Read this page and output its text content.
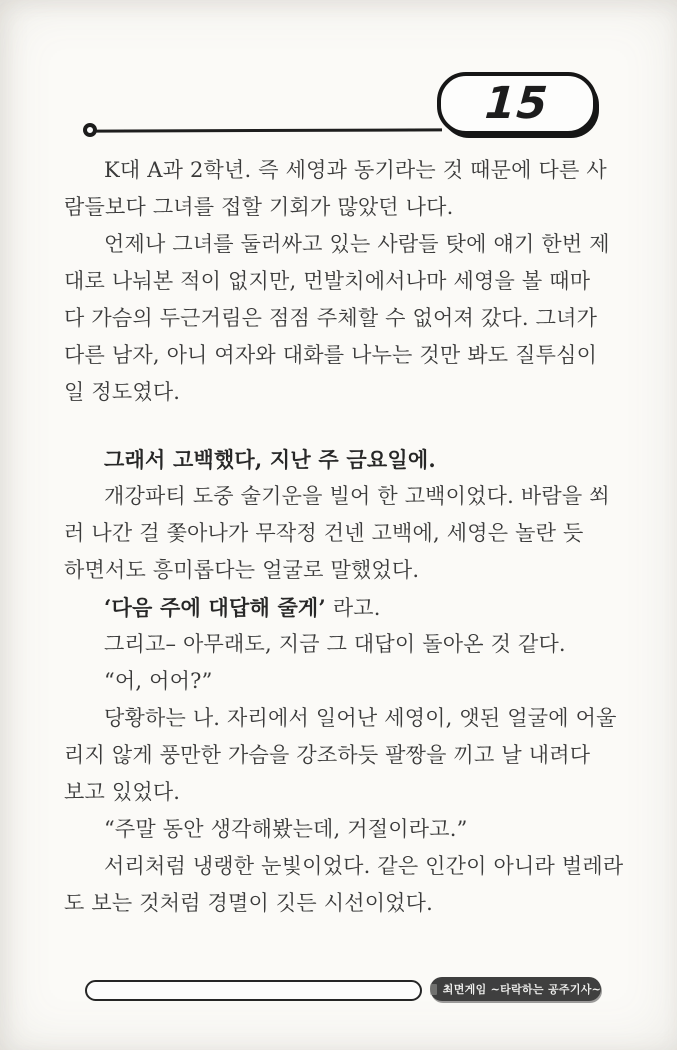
15
K대 A과 2학년. 즉 세영과 동기라는 것 때문에 다른 사
람들보다 그녀를 접할 기회가 많았던 나다.
언제나 그녀를 둘러싸고 있는 사람들 탓에 얘기 한번 제
대로 나눠본 적이 없지만, 먼발치에서나마 세영을 볼 때마
다 가슴의 두근거림은 점점 주체할 수 없어져 갔다. 그녀가
다른 남자, 아니 여자와 대화를 나누는 것만 봐도 질투심이
일 정도였다.
그래서 고백했다, 지난 주 금요일에.
개강파티 도중 술기운을 빌어 한 고백이었다. 바람을 쐬
러 나간 걸 쫓아나가 무작정 건넨 고백에, 세영은 놀란 듯
하면서도 흥미롭다는 얼굴로 말했었다.
‘다음 주에 대답해 줄게’ 라고.
그리고– 아무래도, 지금 그 대답이 돌아온 것 같다.
“어, 어어?”
당황하는 나. 자리에서 일어난 세영이, 앳된 얼굴에 어울
리지 않게 풍만한 가슴을 강조하듯 팔짱을 끼고 날 내려다
보고 있었다.
“주말 동안 생각해봤는데, 거절이라고.”
서리처럼 냉랭한 눈빛이었다. 같은 인간이 아니라 벌레라
도 보는 것처럼 경멸이 깃든 시선이었다.
최면게임 ~타락하는 공주기사~
